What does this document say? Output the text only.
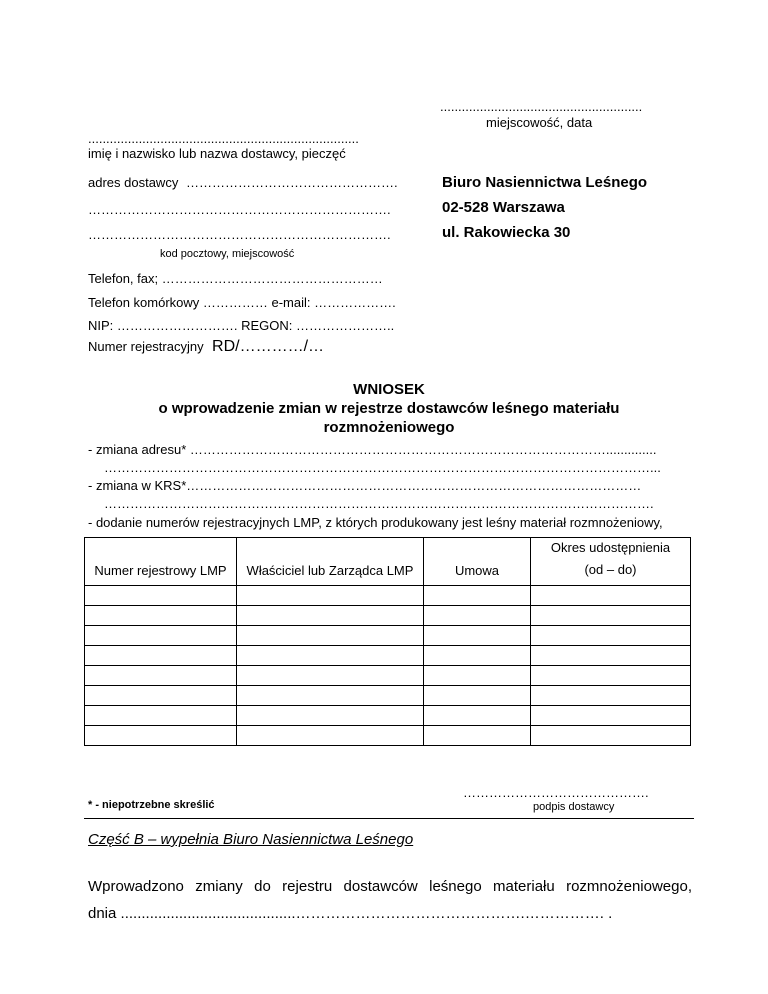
........................................................
miejscowość, data
...........................................................................
imię i nazwisko lub nazwa dostawcy, pieczęć
adres dostawcy ………………………………………….
…………………………………………………………….
…………………………………………………………….
kod pocztowy, miejscowość
Biuro Nasiennictwa Leśnego
02-528 Warszawa
ul. Rakowiecka 30
Telefon, fax; ……………………………………………
Telefon komórkowy …………… e-mail: ……………….
NIP: ………………………. REGON: …………………..
Numer rejestracyjny RD/…………/…
WNIOSEK
o wprowadzenie zmian w rejestrze dostawców leśnego materiału
rozmnożeniowego
- zmiana adresu* ……………………………………………………………………………………..............
………………………………………………………………………………………………………………...
- zmiana w KRS*……………………………………………………………………………………………
……………………………………………………………………………………………………………….
- dodanie numerów rejestracyjnych LMP, z których produkowany jest leśny materiał rozmnożeniowy,
Numer rejestrowy LMP	Właściciel lub Zarządca LMP	Umowa	Okres udostępnienia
(od – do)

…………………………………….
* - niepotrzebne skreślić	podpis dostawcy
Część B – wypełnia Biuro Nasiennictwa Leśnego
Wprowadzono zmiany do rejestru dostawców leśnego materiału rozmnożeniowego,
dnia ..........................................……………………………………….……………. .
